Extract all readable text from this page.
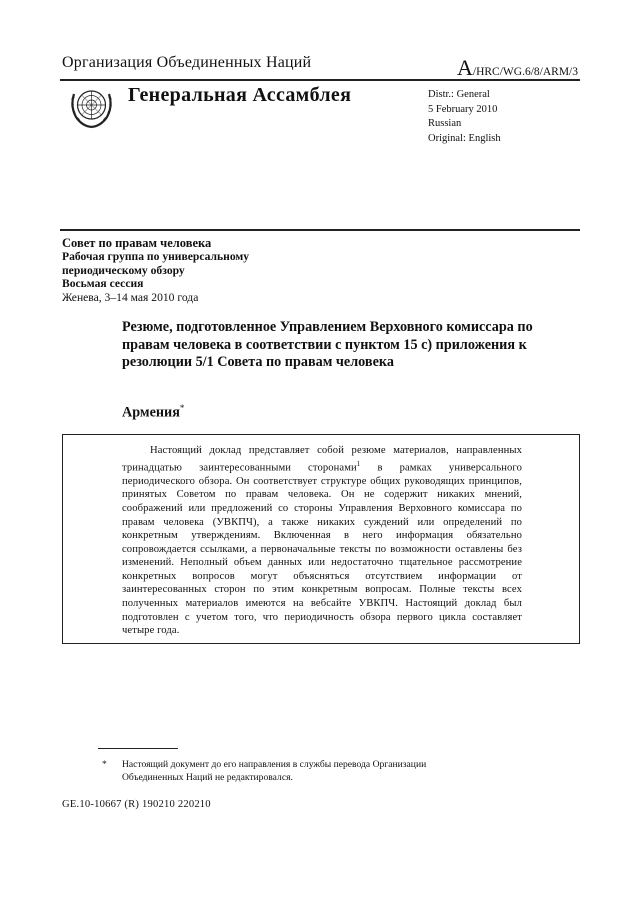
Организация Объединенных Наций	A/HRC/WG.6/8/ARM/3
Генеральная Ассамблея	Distr.: General
5 February 2010
Russian
Original: English
Совет по правам человека
Рабочая группа по универсальному
периодическому обзору
Восьмая сессия
Женева, 3–14 мая 2010 года
Резюме, подготовленное Управлением Верховного комиссара по правам человека в соответствии с пунктом 15 с) приложения к резолюции 5/1 Совета по правам человека
Армения*
Настоящий доклад представляет собой резюме материалов, направленных тринадцатью заинтересованными сторонами$^1$ в рамках универсального периодического обзора. Он соответствует структуре общих руководящих принципов, принятых Советом по правам человека. Он не содержит никаких мнений, соображений или предложений со стороны Управления Верховного комиссара по правам человека (УВКПЧ), а также никаких суждений или определений по конкретным утверждениям. Включенная в него информация обязательно сопровождается ссылками, а первоначальные тексты по возможности оставлены без изменений. Неполный объем данных или недостаточно тщательное рассмотрение конкретных вопросов могут объясняться отсутствием информации от заинтересованных сторон по этим конкретным вопросам. Полные тексты всех полученных материалов имеются на вебсайте УВКПЧ. Настоящий доклад был подготовлен с учетом того, что периодичность обзора первого цикла составляет четыре года.
*	Настоящий документ до его направления в службы перевода Организации Объединенных Наций не редактировался.
GE.10-10667 (R) 190210 220210
